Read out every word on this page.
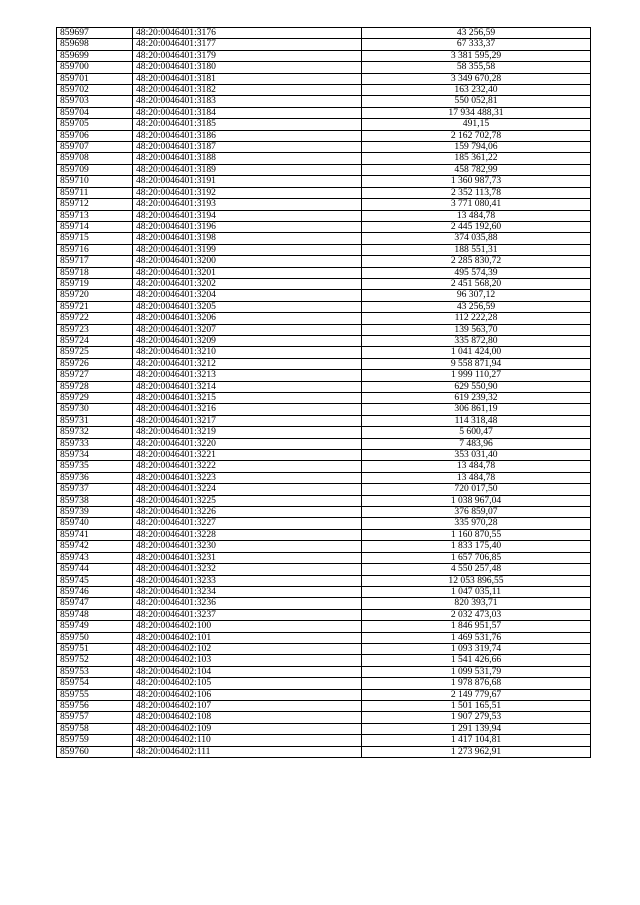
859697	48:20:0046401:3176	43 256,59
859698	48:20:0046401:3177	67 333,37
859699	48:20:0046401:3179	3 381 595,29
859700	48:20:0046401:3180	58 355,58
859701	48:20:0046401:3181	3 349 670,28
859702	48:20:0046401:3182	163 232,40
859703	48:20:0046401:3183	550 052,81
859704	48:20:0046401:3184	17 934 488,31
859705	48:20:0046401:3185	491,15
859706	48:20:0046401:3186	2 162 702,78
859707	48:20:0046401:3187	159 794,06
859708	48:20:0046401:3188	185 361,22
859709	48:20:0046401:3189	458 782,99
859710	48:20:0046401:3191	1 360 987,73
859711	48:20:0046401:3192	2 352 113,78
859712	48:20:0046401:3193	3 771 080,41
859713	48:20:0046401:3194	13 484,78
859714	48:20:0046401:3196	2 445 192,60
859715	48:20:0046401:3198	374 035,88
859716	48:20:0046401:3199	188 551,31
859717	48:20:0046401:3200	2 285 830,72
859718	48:20:0046401:3201	495 574,39
859719	48:20:0046401:3202	2 451 568,20
859720	48:20:0046401:3204	96 307,12
859721	48:20:0046401:3205	43 256,59
859722	48:20:0046401:3206	112 222,28
859723	48:20:0046401:3207	139 563,70
859724	48:20:0046401:3209	335 872,80
859725	48:20:0046401:3210	1 041 424,00
859726	48:20:0046401:3212	9 558 871,94
859727	48:20:0046401:3213	1 999 110,27
859728	48:20:0046401:3214	629 550,90
859729	48:20:0046401:3215	619 239,32
859730	48:20:0046401:3216	306 861,19
859731	48:20:0046401:3217	114 318,48
859732	48:20:0046401:3219	5 600,47
859733	48:20:0046401:3220	7 483,96
859734	48:20:0046401:3221	353 031,40
859735	48:20:0046401:3222	13 484,78
859736	48:20:0046401:3223	13 484,78
859737	48:20:0046401:3224	720 017,50
859738	48:20:0046401:3225	1 038 967,04
859739	48:20:0046401:3226	376 859,07
859740	48:20:0046401:3227	335 970,28
859741	48:20:0046401:3228	1 160 870,55
859742	48:20:0046401:3230	1 833 175,40
859743	48:20:0046401:3231	1 657 706,85
859744	48:20:0046401:3232	4 550 257,48
859745	48:20:0046401:3233	12 053 896,55
859746	48:20:0046401:3234	1 047 035,11
859747	48:20:0046401:3236	820 393,71
859748	48:20:0046401:3237	2 032 473,03
859749	48:20:0046402:100	1 846 951,57
859750	48:20:0046402:101	1 469 531,76
859751	48:20:0046402:102	1 093 319,74
859752	48:20:0046402:103	1 541 426,66
859753	48:20:0046402:104	1 099 531,79
859754	48:20:0046402:105	1 978 876,68
859755	48:20:0046402:106	2 149 779,67
859756	48:20:0046402:107	1 501 165,51
859757	48:20:0046402:108	1 907 279,53
859758	48:20:0046402:109	1 291 139,94
859759	48:20:0046402:110	1 417 104,81
859760	48:20:0046402:111	1 273 962,91
